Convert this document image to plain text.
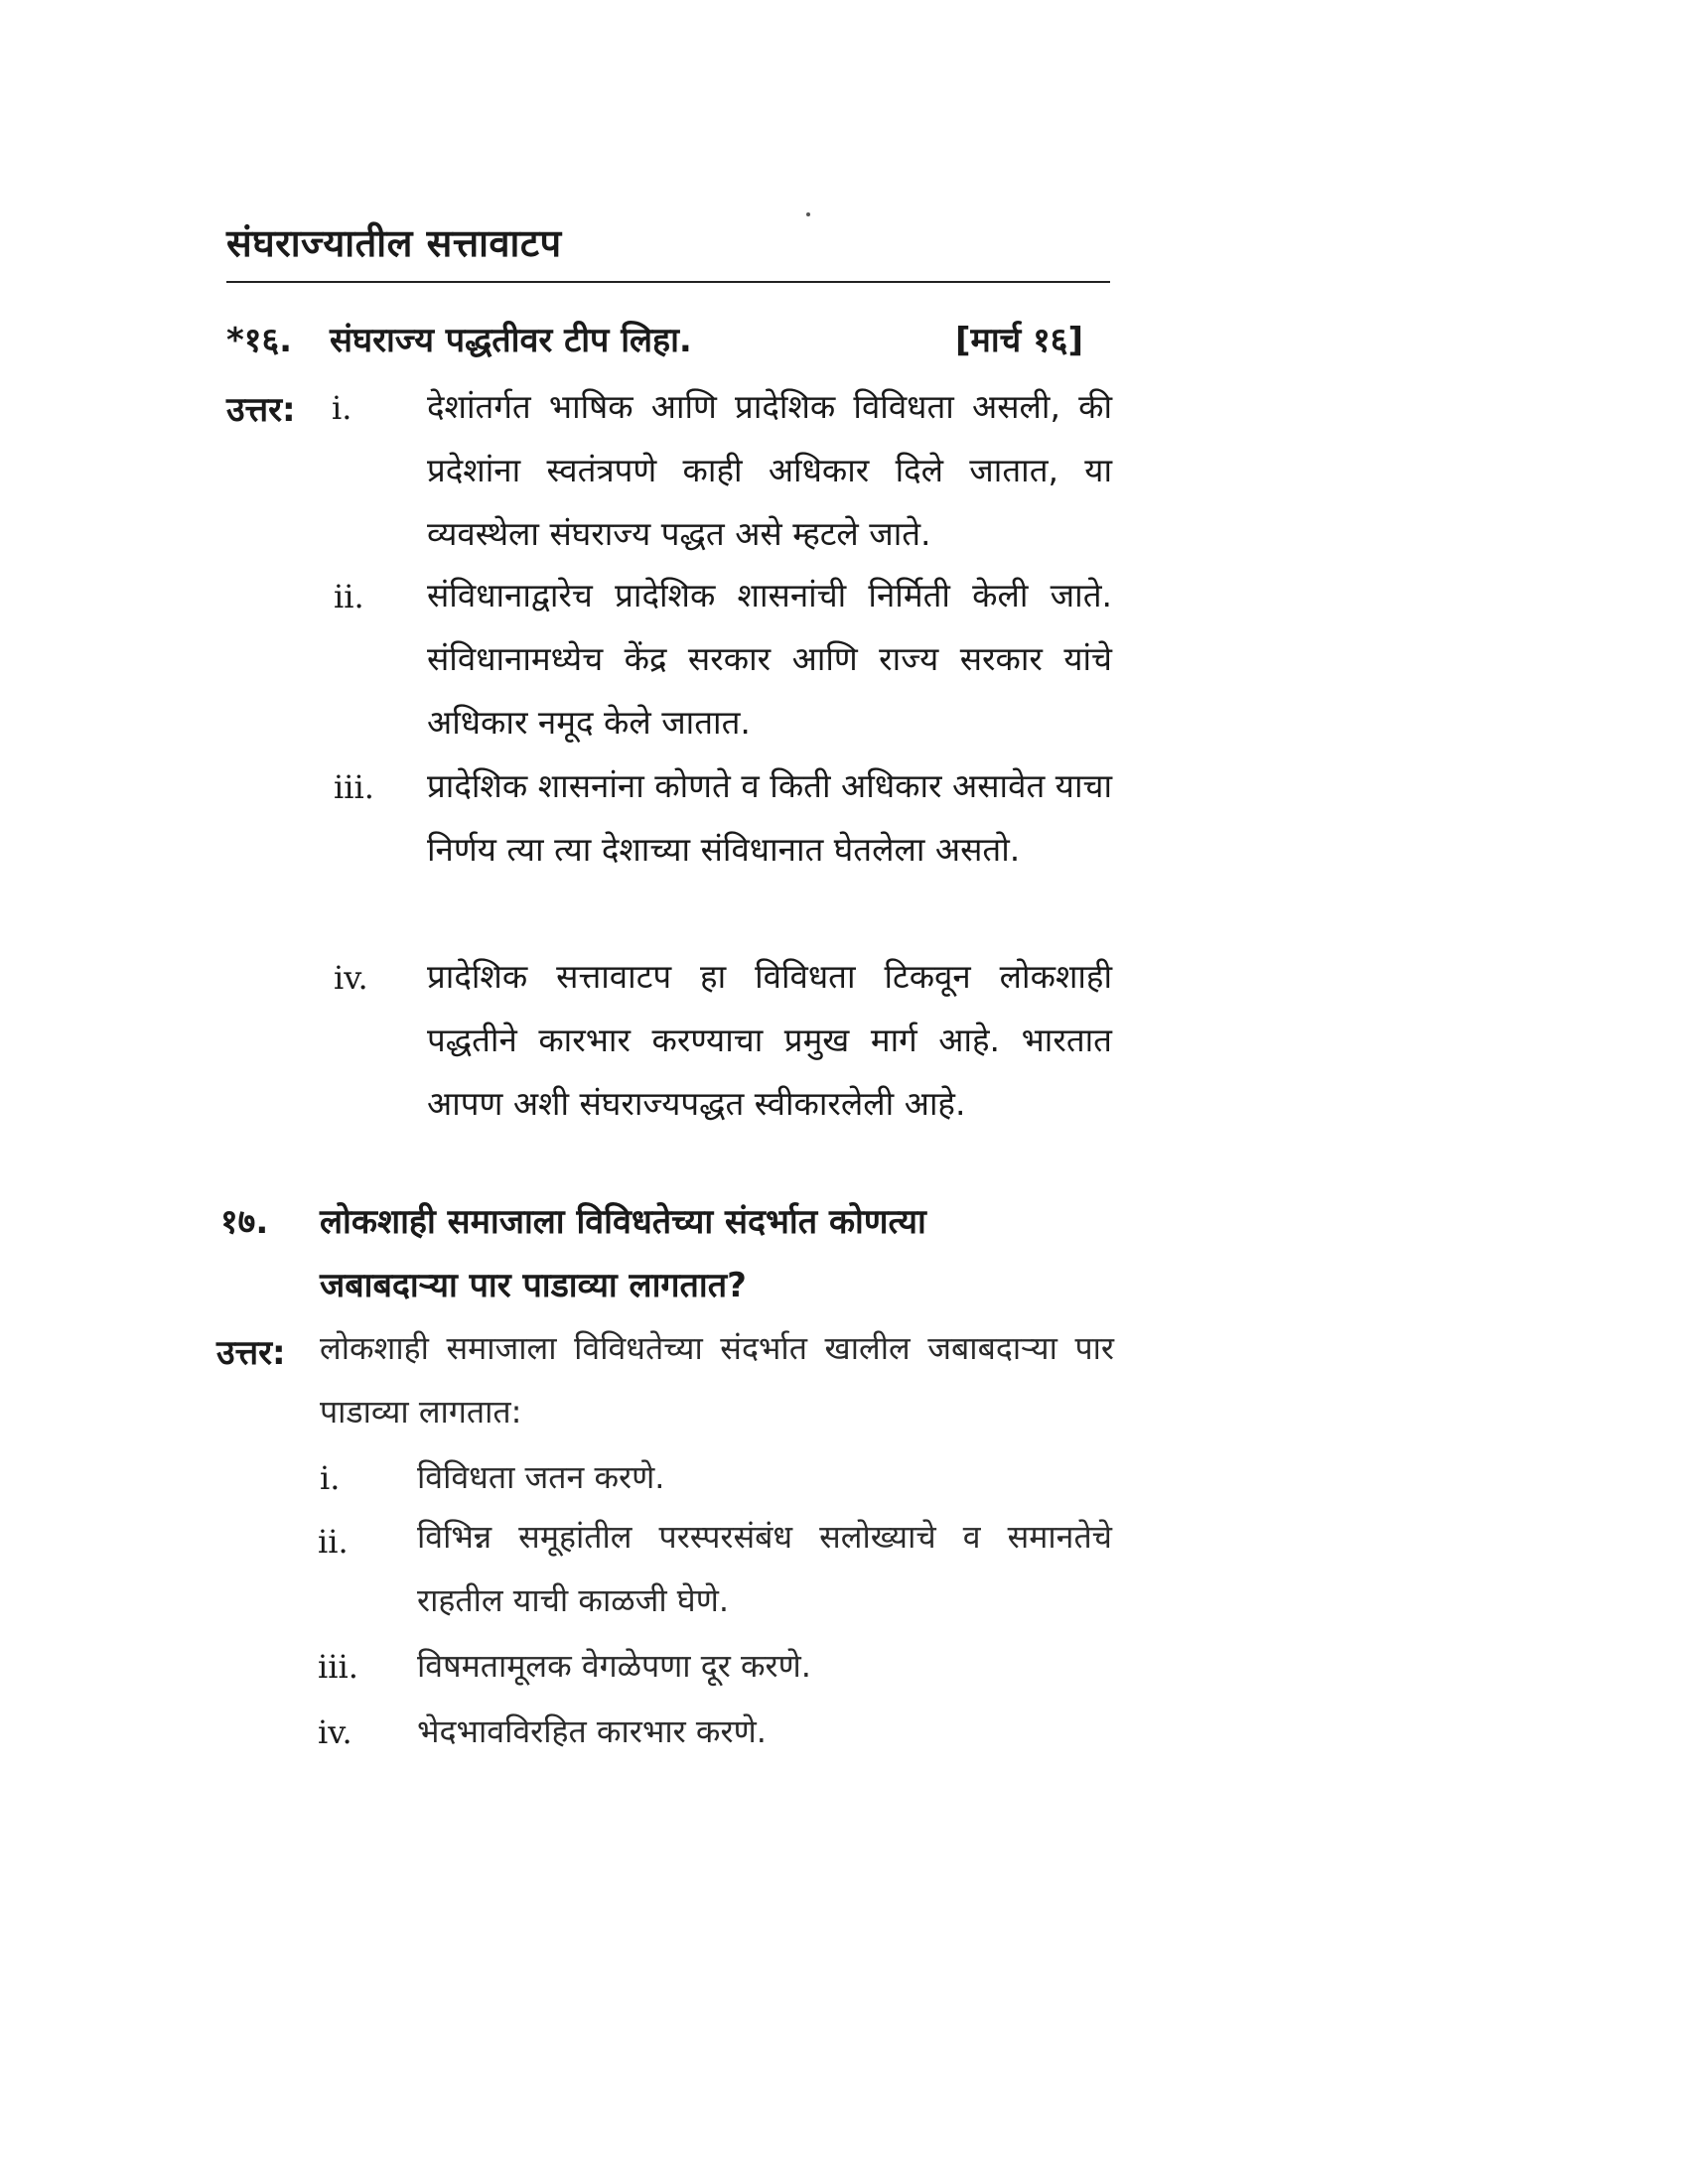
संघराज्यातील सत्तावाटप
*१६. संघराज्य पद्धतीवर टीप लिहा.	[मार्च १६]
उत्तर: i. देशांतर्गत भाषिक आणि प्रादेशिक विविधता असली, की प्रदेशांना स्वतंत्रपणे काही अधिकार दिले जातात, या व्यवस्थेला संघराज्य पद्धत असे म्हटले जाते.
ii. संविधानाद्वारेच प्रादेशिक शासनांची निर्मिती केली जाते. संविधानामध्येच केंद्र सरकार आणि राज्य सरकार यांचे अधिकार नमूद केले जातात.
iii. प्रादेशिक शासनांना कोणते व किती अधिकार असावेत याचा निर्णय त्या त्या देशाच्या संविधानात घेतलेला असतो.
iv. प्रादेशिक सत्तावाटप हा विविधता टिकवून लोकशाही पद्धतीने कारभार करण्याचा प्रमुख मार्ग आहे. भारतात आपण अशी संघराज्यपद्धत स्वीकारलेली आहे.
१७. लोकशाही समाजाला विविधतेच्या संदर्भात कोणत्या
जबाबदाऱ्या पार पाडाव्या लागतात?
उत्तर: लोकशाही समाजाला विविधतेच्या संदर्भात खालील जबाबदाऱ्या पार पाडाव्या लागतात:
i. विविधता जतन करणे.
ii. विभिन्न समूहांतील परस्परसंबंध सलोख्याचे व समानतेचे राहतील याची काळजी घेणे.
iii. विषमतामूलक वेगळेपणा दूर करणे.
iv. भेदभावविरहित कारभार करणे.
